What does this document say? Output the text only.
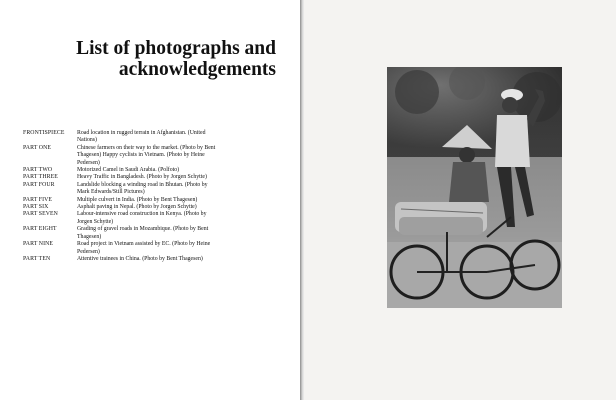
List of photographs and
acknowledgements
FRONTISPIECE	Road location in rugged terrain in Afghanistan. (United
Nations)
PART ONE	Chinese farmers on their way to the market. (Photo by Bent
Thagesen) Happy cyclists in Vietnam. (Photo by Heine
Pedersen)
PART TWO	Motorized Camel in Saudi Arabia. (Polfoto)
PART THREE	Heavy Traffic in Bangladesh. (Photo by Jorgen Schytte)
PART FOUR	Landslide blocking a winding road in Bhutan. (Photo by
Mark Edwards/Still Pictures)
PART FIVE	Multiple culvert in India. (Photo by Bent Thagesen)
PART SIX	Asphalt paving in Nepal. (Photo by Jorgen Schytte)
PART SEVEN	Labour-intensive road construction in Kenya. (Photo by
Jorgen Schytte)
PART EIGHT	Grading of gravel roads in Mozambique. (Photo by Bent
Thagesen)
PART NINE	Road project in Vietnam assisted by EC. (Photo by Heine
Pedersen)
PART TEN	Attentive trainees in China. (Photo by Bent Thagesen)
